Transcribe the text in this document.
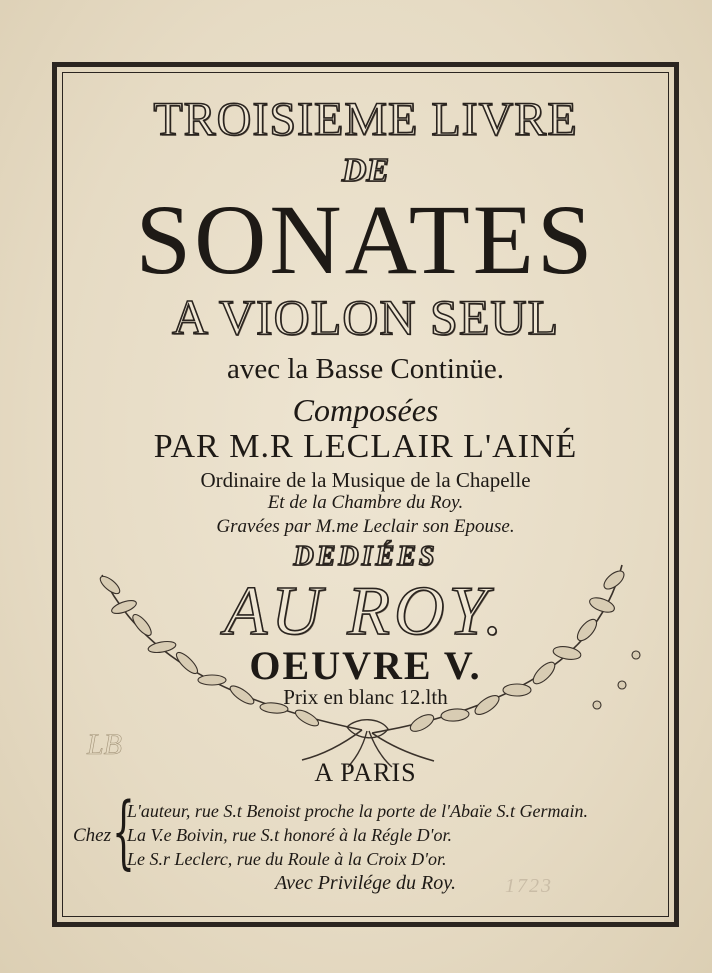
TROISIEME LIVRE
DE
SONATES
A VIOLON SEUL
avec la Basse Continüe.
Composées
PAR M.R LECLAIR L'AINÉ
Ordinaire de la Musique de la Chapelle
Et de la Chambre du Roy.
Gravées par M.me Leclair son Epouse.
DEDIÉES
AU ROY.
OEUVRE V.
Prix en blanc 12.lth
LB
A PARIS
Chez {
L'auteur, rue S.t Benoist proche la porte de l'Abaïe S.t Germain.
La V.e Boivin, rue S.t honoré à la Régle D'or.
Le S.r Leclerc, rue du Roule à la Croix D'or.
Avec Privilége du Roy.	1723
